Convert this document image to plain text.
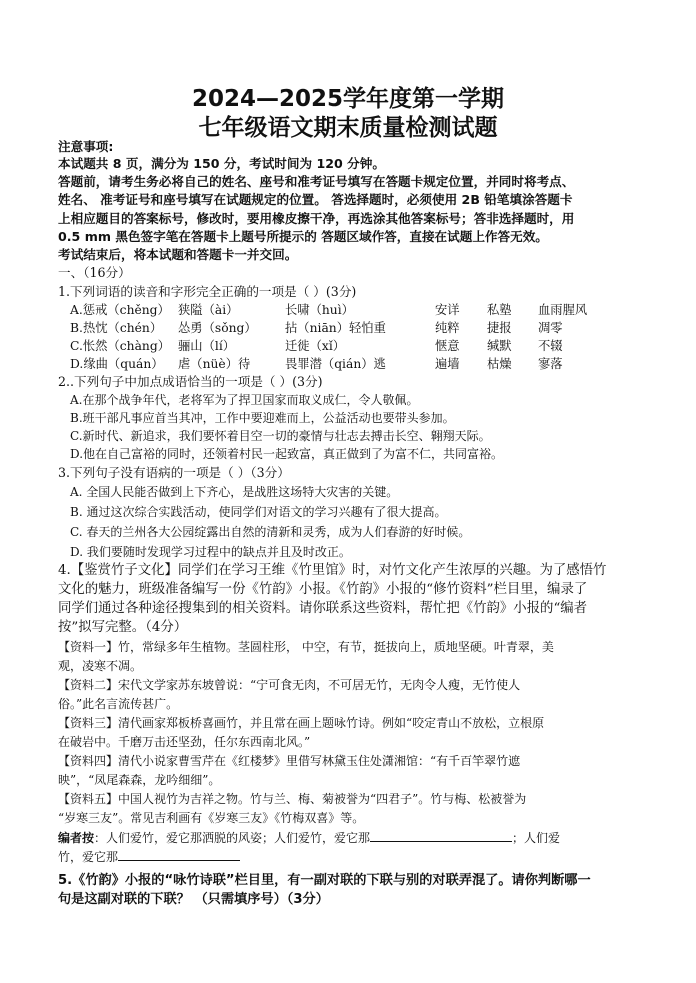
2024—2025学年度第一学期
七年级语文期末质量检测试题
注意事项:
本试题共 8 页，满分为 150 分，考试时间为 120 分钟。
答题前，请考生务必将自己的姓名、座号和准考证号填写在答题卡规定位置，并同时将考点、
姓名、 准考证号和座号填写在试题规定的位置。 答选择题时，必须使用 2B 铅笔填涂答题卡
上相应题目的答案标号，修改时，要用橡皮擦干净，再选涂其他答案标号；答非选择题时，用
0.5 mm 黑色签字笔在答题卡上题号所提示的 答题区域作答，直接在试题上作答无效。
考试结束后，将本试题和答题卡一并交回。
一、（16分）
1.下列词语的读音和字形完全正确的一项是（ ）(3分)
A.惩戒（chěng） 狭隘（ài）	长啸（huì）	安详 私塾 血雨腥风
B.热忱（chén） 怂勇（sǒng） 拈（niān）轻怕重	纯粹 捷报 凋零
C.怅然（chàng） 骊山（lí）	迁徙（xǐ）	惬意 缄默 不辍
D.缘曲（quán） 虐（nüè）待	畏罪潜（qián）逃	遍墙 枯燥 寥落
2..下列句子中加点成语恰当的一项是（ ）(3分)
A.在那个战争年代，老将军为了捍卫国家而取义成仁，令人敬佩。
B.班干部凡事应首当其冲，工作中要迎难而上，公益活动也要带头参加。
C.新时代、新追求，我们要怀着目空一切的豪情与壮志去搏击长空、翱翔天际。
D.他在自己富裕的同时，还领着村民一起致富，真正做到了为富不仁，共同富裕。
3.下列句子没有语病的一项是（ ）（3分）
A. 全国人民能否做到上下齐心，是战胜这场特大灾害的关键。
B. 通过这次综合实践活动，使同学们对语文的学习兴趣有了很大提高。
C. 春天的兰州各大公园绽露出自然的清新和灵秀，成为人们春游的好时候。
D. 我们要随时发现学习过程中的缺点并且及时改正。
4.【鉴赏竹子文化】同学们在学习王维《竹里馆》时，对竹文化产生浓厚的兴趣。为了感悟竹
文化的魅力，班级准备编写一份《竹韵》小报。《竹韵》小报的“修竹资料”栏目里，编录了
同学们通过各种途径搜集到的相关资料。请你联系这些资料，帮忙把《竹韵》小报的“编者
按”拟写完整。（4分）
【资料一】竹，常绿多年生植物。茎圆柱形， 中空，有节，挺拔向上，质地坚硬。叶青翠，美
观，凌寒不凋。
【资料二】宋代文学家苏东坡曾说：“宁可食无肉，不可居无竹，无肉令人瘦，无竹使人
俗。”此名言流传甚广。
【资料三】清代画家郑板桥喜画竹，并且常在画上题咏竹诗。例如“咬定青山不放松，立根原
在破岩中。千磨万击还坚劲，任尔东西南北风。”
【资料四】清代小说家曹雪芹在《红楼梦》里借写林黛玉住处潇湘馆：“有千百竿翠竹遮
映”，“凤尾森森，龙吟细细”。
【资料五】中国人视竹为吉祥之物。竹与兰、梅、菊被誉为“四君子”。竹与梅、松被誉为
“岁寒三友”。常见吉利画有《岁寒三友》《竹梅双喜》等。
编者按：人们爱竹，爱它那洒脱的风姿；人们爱竹，爱它那	；人们爱
竹，爱它那
5.《竹韵》小报的“咏竹诗联”栏目里，有一副对联的下联与别的对联弄混了。请你判断哪一
句是这副对联的下联？ （只需填序号）（3分）
